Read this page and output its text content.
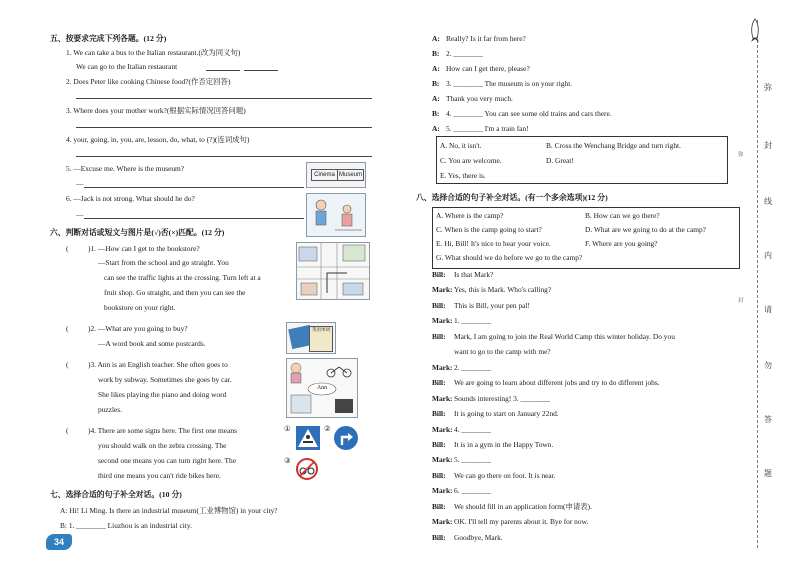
五、按要求完成下列各题。(12 分)
1. We can take a bus to the Italian restaurant.(改为同义句)
We can go to the Italian restaurant
2. Does Peter like cooking Chinese food?(作否定回答)
3. Where does your mother work?(根据实际情况回答问题)
4. your, going, in, you, are, lesson, do, what, to (?)(连词成句)
5. —Excuse me. Where is the museum?
—
6. —Jack is not strong. What should he do?
—
Cinema Museum
六、判断对话或短文与图片是(√)否(×)匹配。(12 分)
(	)1. —How can I get to the bookstore?
—Start from the school and go straight. You
can see the traffic lights at the crossing. Turn left at a
fruit shop. Go straight, and then you can see the
bookstore on your right.
(	)2. —What are you going to buy?
—A word book and some postcards.
英语单词
(	)3. Ann is an English teacher. She often goes to
work by subway. Sometimes she goes by car.
She likes playing the piano and doing word
puzzles.
Ann
(	)4. There are some signs here. The first one means
you should walk on the zebra crossing. The
second one means you can turn right here. The
third one means you can't ride bikes here.
①	②
③
七、选择合适的句子补全对话。(10 分)
A: Hi! Li Ming. Is there an industrial museum(工业博物馆) in your city?
B: 1. ________ Liuzhou is an industrial city.
34
A: Really? Is it far from here?
B: 2. ________
A: How can I get there, please?
B: 3. ________ The museum is on your right.
A: Thank you very much.
B: 4. ________ You can see some old trains and cars there.
A: 5. ________ I'm a train fan!
A. No, it isn't.	B. Cross the Wenchang Bridge and turn right.
C. You are welcome.	D. Great!
E. Yes, there is.
八、选择合适的句子补全对话。(有一个多余选项)(12 分)
A. Where is the camp?	B. How can we go there?
C. When is the camp going to start?	D. What are we going to do at the camp?
E. Hi, Bill! It's nice to hear your voice.	F. Where are you going?
G. What should we do before we go to the camp?
Bill: Is that Mark?
Mark: Yes, this is Mark. Who's calling?
Bill: This is Bill, your pen pal!
Mark: 1. ________
Bill: Mark, I am going to join the Real World Camp this winter holiday. Do you
want to go to the camp with me?
Mark: 2. ________
Bill: We are going to learn about different jobs and try to do different jobs.
Mark: Sounds interesting! 3. ________
Bill: It is going to start on January 22nd.
Mark: 4. ________
Bill: It is in a gym in the Happy Town.
Mark: 5. ________
Bill: We can go there on foot. It is near.
Mark: 6. ________
Bill: We should fill in an application form(申请表).
Mark: OK. I'll tell my parents about it. Bye for now.
Bill: Goodbye, Mark.
弥
封
线
内
请
勿
答
题
弥
封
